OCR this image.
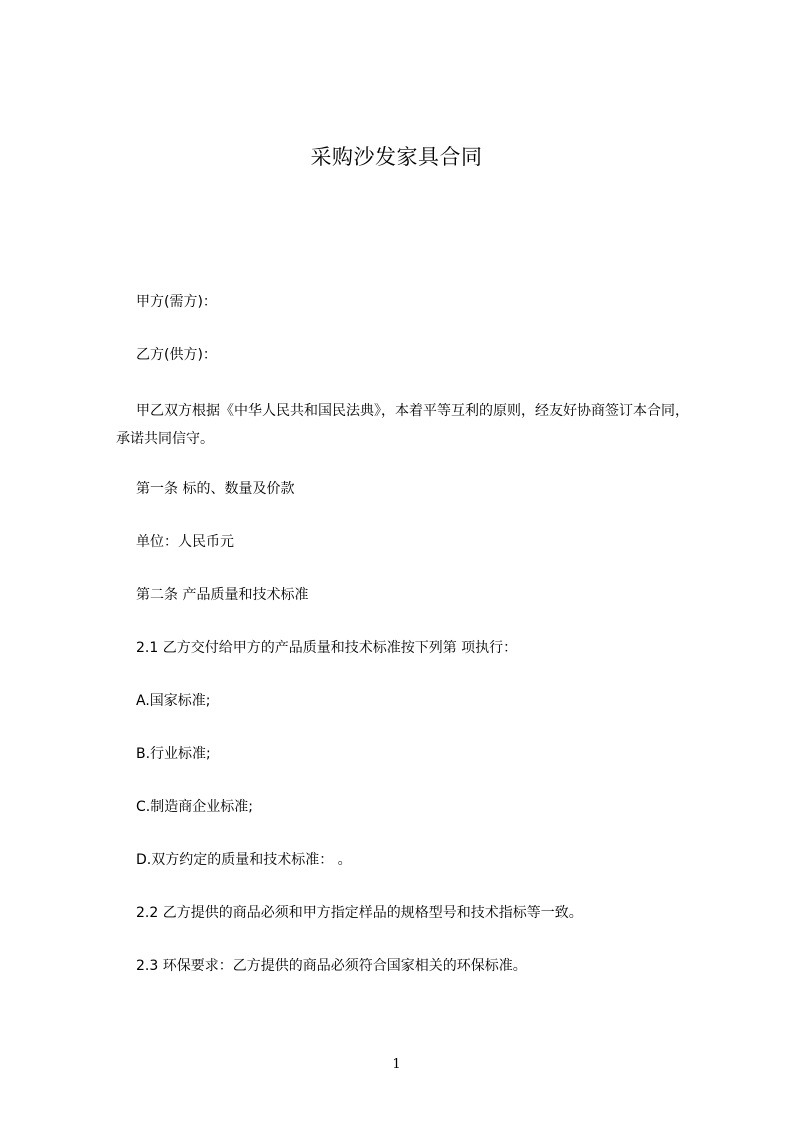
采购沙发家具合同
甲方(需方)：
乙方(供方)：
甲乙双方根据《中华人民共和国民法典》，本着平等互利的原则，经友好协商签订本合同，承诺共同信守。
第一条 标的、数量及价款
单位：人民币元
第二条 产品质量和技术标准
2.1 乙方交付给甲方的产品质量和技术标准按下列第 项执行：
A.国家标准;
B.行业标准;
C.制造商企业标准;
D.双方约定的质量和技术标准： 。
2.2 乙方提供的商品必须和甲方指定样品的规格型号和技术指标等一致。
2.3 环保要求：乙方提供的商品必须符合国家相关的环保标准。
1
